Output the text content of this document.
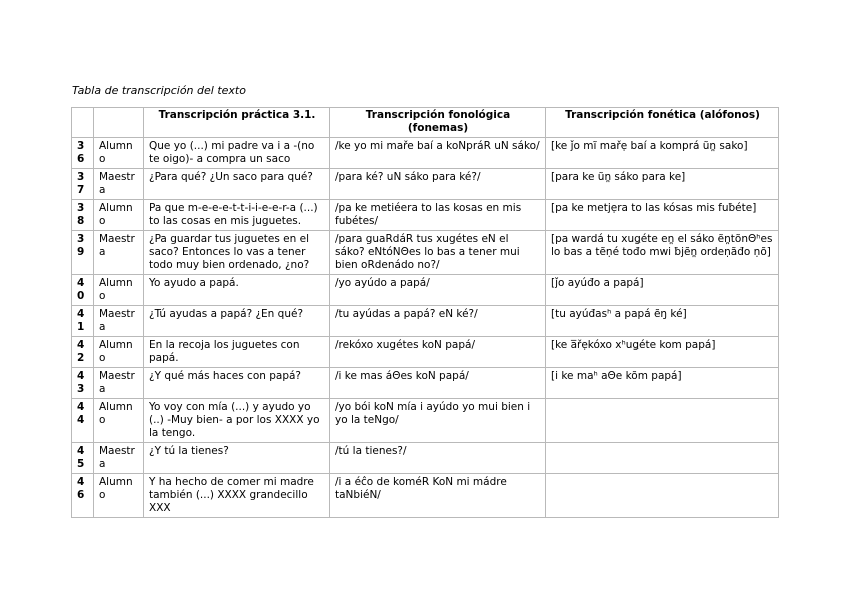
Tabla de transcripción del texto
		Transcripción práctica 3.1.	Transcripción fonológica (fonemas)	Transcripción fonética (alófonos)
36	Alumno	Que yo (...) mi padre va i a -(no te oigo)- a compra un saco	/ke yo mi maře baí a koNpráR uN sáko/	[ke ǰo mĩ mařẹ baí a komprá ũn̪ sako]
37	Maestra	¿Para qué? ¿Un saco para qué?	/para ké? uN sáko para ké?/	[para ke ũn̪ sáko para ke]
38	Alumno	Pa que m-e-e-e-t-t-i-i-e-e-r-a (...) to las cosas en mis juguetes.	/pa ke metiéera to las kosas en mis fubétes/	[pa ke metjẹra to las kósas mis fuƀéte]
39	Maestra	¿Pa guardar tus juguetes en el saco? Entonces lo vas a tener todo muy bien ordenado, ¿no?	/para guaRdáR tus xugétes eN el sáko? eNtóNΘes lo bas a tener mui bien oRdenádo no?/	[pa wardá tu xuǥéte en̪ el sáko ẽn̪tõnΘʰes lo bas a tẽṇé tođo mwi ƀjẽn̪ ordeṇãđo ṇõ]
40	Alumno	Yo ayudo a papá.	/yo ayúdo a papá/	[ǰo ayúđo a papá]
41	Maestra	¿Tú ayudas a papá? ¿En qué?	/tu ayúdas a papá? eN ké?/	[tu ayúđasʰ a papá ẽŋ ké]
42	Alumno	En la recoja los juguetes con papá.	/rekóxo xugétes koN papá/	[ke a̅řẹkóxo xʰuǥéte kom papá]
43	Maestra	¿Y qué más haces con papá?	/i ke mas áΘes koN papá/	[i ke maʰ aΘe kõm papá]
44	Alumno	Yo voy con mía (...) y ayudo yo (..) -Muy bien- a por los XXXX yo la tengo.	/yo bói koN mía i ayúdo yo mui bien i yo la teNgo/	
45	Maestra	¿Y tú la tienes?	/tú la tienes?/	
46	Alumno	Y ha hecho de comer mi madre también (...) XXXX grandecillo XXX	/i a éĉo de koméR KoN mi mádre taNbiéN/	
